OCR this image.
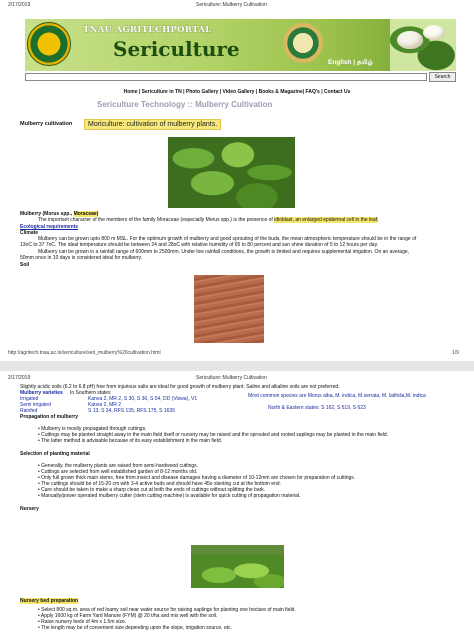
2/17/2019	Sericulture::Mulberry Cultivation
TNAU AGRITECHPORTAL
Sericulture
English | தமிழ்
Search
Home | Sericulture in TN | Photo Gallery | Video Gallery | Books & Magazine| FAQ's | Contact Us
Sericulture Technology :: Mulberry Cultivation
Mulberry cultivation	Moriculture: cultivation of mulberry plants.
Mulberry (Morus spp., Moraceae)
The important character of the members of the family Moraceae (especially Morus spp.) is the presence of idioblast, an enlarged epidermal cell in the leaf.
Ecological requirements
Climate
Mulberry can be grown upto 800 m MSL. For the optimum growth of mulberry and good sprouting of the buds, the mean atmospheric temperature should be in the range of
13oC to 37 7oC. The ideal temperature should be between 24 and 28oC with relative humidity of 65 to 80 percent and sun shine duration of 5 to 12 hours per day.
Mulberry can be grown in a rainfall range of 600mm to 2500mm. Under low rainfall conditions, the growth is limited and requires supplemental irrigation. On an average,
50mm once in 10 days is considered ideal for mulberry.
Soil
http://agritech.tnau.ac.in/sericulture/seri_mulberry%20cultivation.html	1/9
2/17/2019	Sericulture::Mulberry Cultivation
Slightly acidic soils (6.2 to 6.8 pH) free from injurious salts are ideal for good growth of mulberry plant. Saline and alkaline soils are not preferred.
Mulberry varieties In Southern states
Irrigated	Kanva 2, MR 2, S 30, S 36, S 54, DD (Viswa), V1
Semi irrigated	Kanva 2, MR 2
Rainfed	S 13, S 34, RFS 135, RFS 175, S 1635
Most common species are Morus alba, M. indica, M.serrata, M. latifolia,M. indica
North & Eastern states: S 162, S 519, S 623
Propagation of mulberry
• Mulberry is mostly propagated through cuttings.
• Cuttings may be planted straight away in the main field itself or nursery may be raised and the sprouted and rooted saplings may be planted in the main field.
• The latter method is advisable because of its easy establishment in the main field.
Selection of planting material
• Generally, the mulberry plants are raised from semi-hardwood cuttings.
• Cuttings are selected from well established garden of 8-12 months old.
• Only full grown thick main stems, free from insect and disease damages having a diameter of 10-12mm are chosen for preparation of cuttings.
• The cuttings should be of 15-20 cm with 3-4 active buds and should have 45o slanting cut at the bottom end.
• Care should be taken to make a sharp clean cut at both the ends of cuttings without splitting the bark.
• Manually/power operated mulberry cutter (stem cutting machine) is available for quick cutting of propagation material.
Nursery
Nursery bed preparation
• Select 800 sq.m. area of red loamy soil near water source for raising saplings for planting one hectare of main field.
• Apply 1600 kg of Farm Yard Manure (FYM) @ 20 t/ha and mix well with the soil.
• Raise nursery beds of 4m x 1.5m size.
• The length may be of convenient size depending upon the slope, irrigation source, etc.
